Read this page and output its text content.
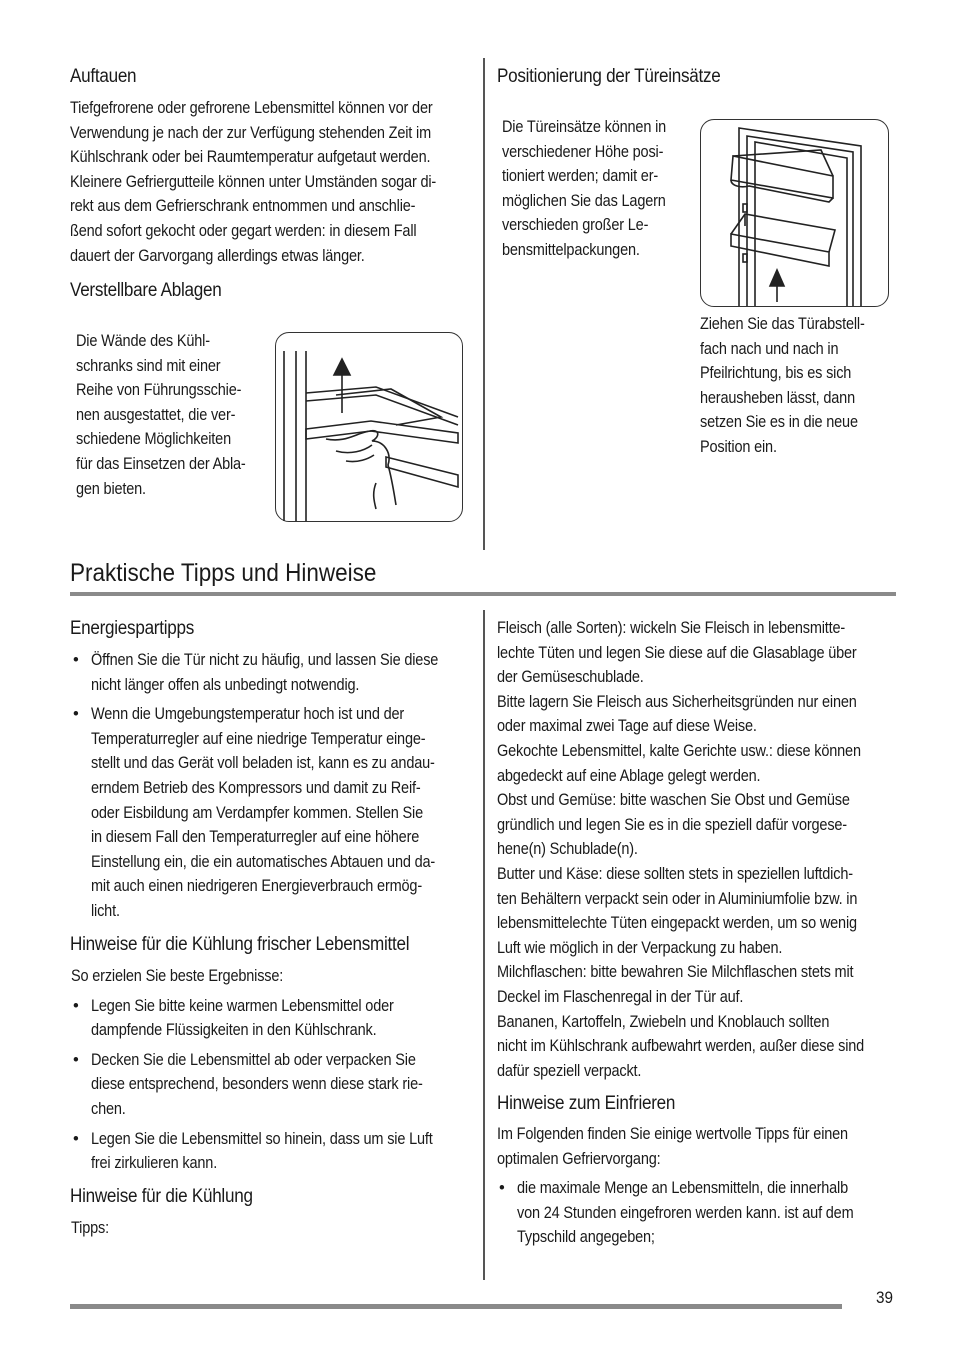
Auftauen
Tiefgefrorene oder gefrorene Lebensmittel können vor der
Verwendung je nach der zur Verfügung stehenden Zeit im
Kühlschrank oder bei Raumtemperatur aufgetaut werden.
Kleinere Gefriergutteile können unter Umständen sogar di-
rekt aus dem Gefrierschrank entnommen und anschlie-
ßend sofort gekocht oder gegart werden: in diesem Fall
dauert der Garvorgang allerdings etwas länger.
Verstellbare Ablagen
Die Wände des Kühl-
schranks sind mit einer
Reihe von Führungsschie-
nen ausgestattet, die ver-
schiedene Möglichkeiten
für das Einsetzen der Abla-
gen bieten.
Positionierung der Türeinsätze
Die Türeinsätze können in
verschiedener Höhe posi-
tioniert werden; damit er-
möglichen Sie das Lagern
verschieden großer Le-
bensmittelpackungen.
Ziehen Sie das Türabstell-
fach nach und nach in
Pfeilrichtung, bis es sich
herausheben lässt, dann
setzen Sie es in die neue
Position ein.
Praktische Tipps und Hinweise
Energiespartipps
• Öffnen Sie die Tür nicht zu häufig, und lassen Sie diese
nicht länger offen als unbedingt notwendig.
• Wenn die Umgebungstemperatur hoch ist und der
Temperaturregler auf eine niedrige Temperatur einge-
stellt und das Gerät voll beladen ist, kann es zu andau-
erndem Betrieb des Kompressors und damit zu Reif-
oder Eisbildung am Verdampfer kommen. Stellen Sie
in diesem Fall den Temperaturregler auf eine höhere
Einstellung ein, die ein automatisches Abtauen und da-
mit auch einen niedrigeren Energieverbrauch ermög-
licht.
Hinweise für die Kühlung frischer Lebensmittel
So erzielen Sie beste Ergebnisse:
• Legen Sie bitte keine warmen Lebensmittel oder
dampfende Flüssigkeiten in den Kühlschrank.
• Decken Sie die Lebensmittel ab oder verpacken Sie
diese entsprechend, besonders wenn diese stark rie-
chen.
• Legen Sie die Lebensmittel so hinein, dass um sie Luft
frei zirkulieren kann.
Hinweise für die Kühlung
Tipps:
Fleisch (alle Sorten): wickeln Sie Fleisch in lebensmitte-
lechte Tüten und legen Sie diese auf die Glasablage über
der Gemüseschublade.
Bitte lagern Sie Fleisch aus Sicherheitsgründen nur einen
oder maximal zwei Tage auf diese Weise.
Gekochte Lebensmittel, kalte Gerichte usw.: diese können
abgedeckt auf eine Ablage gelegt werden.
Obst und Gemüse: bitte waschen Sie Obst und Gemüse
gründlich und legen Sie es in die speziell dafür vorgese-
hene(n) Schublade(n).
Butter und Käse: diese sollten stets in speziellen luftdich-
ten Behältern verpackt sein oder in Aluminiumfolie bzw. in
lebensmittelechte Tüten eingepackt werden, um so wenig
Luft wie möglich in der Verpackung zu haben.
Milchflaschen: bitte bewahren Sie Milchflaschen stets mit
Deckel im Flaschenregal in der Tür auf.
Bananen, Kartoffeln, Zwiebeln und Knoblauch sollten
nicht im Kühlschrank aufbewahrt werden, außer diese sind
dafür speziell verpackt.
Hinweise zum Einfrieren
Im Folgenden finden Sie einige wertvolle Tipps für einen
optimalen Gefriervorgang:
• die maximale Menge an Lebensmitteln, die innerhalb
von 24 Stunden eingefroren werden kann. ist auf dem
Typschild angegeben;
39
